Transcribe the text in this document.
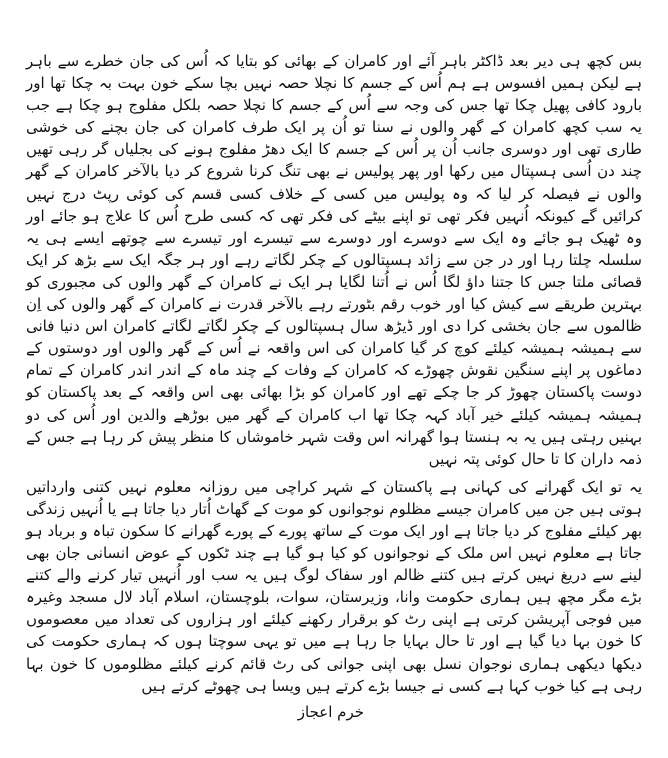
بس کچھ ہی دیر بعد ڈاکٹر باہر آئے اور کامران کے بھائی کو بتایا کہ اُس کی جان خطرے سے باہر ہے لیکن ہمیں افسوس ہے ہم اُس کے جسم کا نچلا حصہ نہیں بچا سکے خون بہت بہ چکا تھا اور بارود کافی پھیل چکا تھا جس کی وجہ سے اُس کے جسم کا نچلا حصہ بلکل مفلوج ہو چکا ہے جب یہ سب کچھ کامران کے گھر والوں نے سنا تو اُن پر ایک طرف کامران کی جان بچنے کی خوشی طاری تھی اور دوسری جانب اُن پر اُس کے جسم کا ایک دھڑ مفلوج ہونے کی بجلیاں گر رہی تھیں چند دن اُسی ہسپتال میں رکھا اور پھر پولیس نے بھی تنگ کرنا شروع کر دیا بالآخر کامران کے گھر والوں نے فیصلہ کر لیا کہ وہ پولیس میں کسی کے خلاف کسی قسم کی کوئی رپٹ درج نہیں کرائیں گے کیونکہ اُنہیں فکر تھی تو اپنے بیٹے کی فکر تھی کہ کسی طرح اُس کا علاج ہو جائے اور وہ ٹھیک ہو جائے وہ ایک سے دوسرے اور دوسرے سے تیسرے اور تیسرے سے چوتھے ایسے ہی یہ سلسلہ چلتا رہا اور در جن سے زائد ہسپتالوں کے چکر لگاتے رہے اور ہر جگہ ایک سے بڑھ کر ایک قصائی ملتا جس کا جتنا داؤ لگا اُس نے اُتنا لگایا ہر ایک نے کامران کے گھر والوں کی مجبوری کو بہترین طریقے سے کیش کیا اور خوب رقم بٹورتے رہے بالآخر قدرت نے کامران کے گھر والوں کی اِن ظالموں سے جان بخشی کرا دی اور ڈیڑھ سال ہسپتالوں کے چکر لگاتے لگاتے کامران اس دنیا فانی سے ہمیشہ ہمیشہ کیلئے کوچ کر گیا کامران کی اس واقعہ نے اُس کے گھر والوں اور دوستوں کے دماغوں پر اپنے سنگین نقوش چھوڑے کہ کامران کے وفات کے چند ماہ کے اندر اندر کامران کے تمام دوست پاکستان چھوڑ کر جا چکے تھے اور کامران کو بڑا بھائی بھی اس واقعہ کے بعد پاکستان کو ہمیشہ ہمیشہ کیلئے خیر آباد کہہ چکا تھا اب کامران کے گھر میں بوڑھے والدین اور اُس کی دو بہنیں رہتی ہیں یہ بہ ہنستا ہوا گھرانہ اس وقت شہر خاموشاں کا منظر پیش کر رہا ہے جس کے ذمہ داران کا تا حال کوئی پتہ نہیں

یہ تو ایک گھرانے کی کہانی ہے پاکستان کے شہر کراچی میں روزانہ معلوم نہیں کتنی وارداتیں ہوتی ہیں جن میں کامران جیسے مظلوم نوجوانوں کو موت کے گھاٹ اُتار دیا جاتا ہے یا اُنہیں زندگی بھر کیلئے مفلوج کر دیا جاتا ہے اور ایک موت کے ساتھ پورے کے پورے گھرانے کا سکون تباہ و برباد ہو جاتا ہے معلوم نہیں اس ملک کے نوجوانوں کو کیا ہو گیا ہے چند ٹکوں کے عوض انسانی جان بھی لینے سے دریغ نہیں کرتے ہیں کتنے ظالم اور سفاک لوگ ہیں یہ سب اور اُنہیں تیار کرنے والے کتنے بڑے مگر مچھ ہیں ہماری حکومت وانا، وزیرستان، سوات، بلوچستان، اسلام آباد لال مسجد وغیرہ میں فوجی آپریشن کرتی ہے اپنی رٹ کو برقرار رکھنے کیلئے اور ہزاروں کی تعداد میں معصوموں کا خون بہا دیا گیا ہے اور تا حال بہایا جا رہا ہے میں تو یہی سوچتا ہوں کہ ہماری حکومت کی دیکھا دیکھی ہماری نوجوان نسل بھی اپنی جوانی کی رٹ قائم کرنے کیلئے مظلوموں کا خون بہا رہی ہے کیا خوب کہا ہے کسی نے جیسا بڑے کرتے ہیں ویسا ہی چھوٹے کرتے ہیں

خرم اعجاز
